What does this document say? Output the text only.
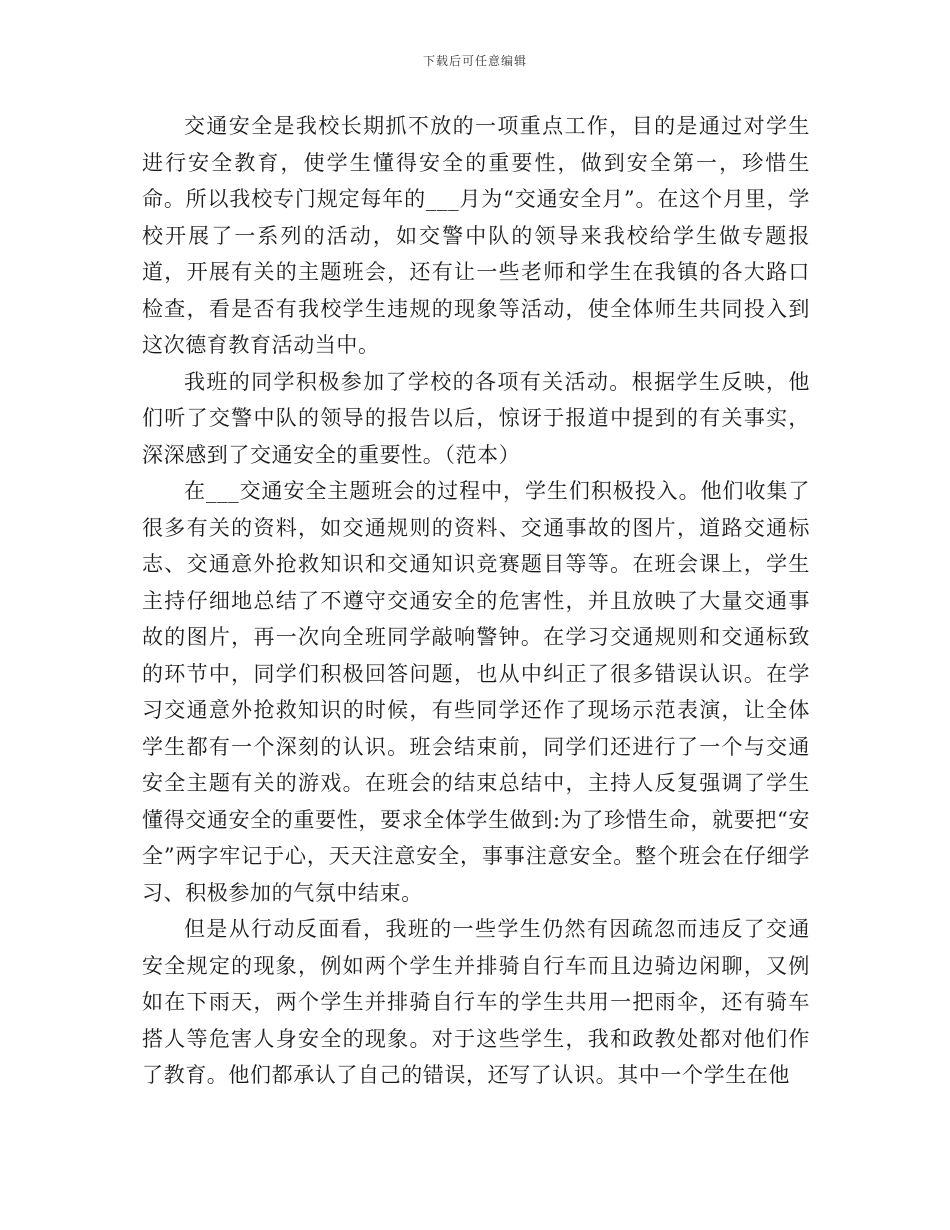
下载后可任意编辑

交通安全是我校长期抓不放的一项重点工作，目的是通过对学生进行安全教育，使学生懂得安全的重要性，做到安全第一，珍惜生命。所以我校专门规定每年的___月为“交通安全月”。在这个月里，学校开展了一系列的活动，如交警中队的领导来我校给学生做专题报道，开展有关的主题班会，还有让一些老师和学生在我镇的各大路口检查，看是否有我校学生违规的现象等活动，使全体师生共同投入到这次德育教育活动当中。

我班的同学积极参加了学校的各项有关活动。根据学生反映，他们听了交警中队的领导的报告以后，惊讶于报道中提到的有关事实，深深感到了交通安全的重要性。（范本）

在___交通安全主题班会的过程中，学生们积极投入。他们收集了很多有关的资料，如交通规则的资料、交通事故的图片，道路交通标志、交通意外抢救知识和交通知识竞赛题目等等。在班会课上，学生主持仔细地总结了不遵守交通安全的危害性，并且放映了大量交通事故的图片，再一次向全班同学敲响警钟。在学习交通规则和交通标致的环节中，同学们积极回答问题，也从中纠正了很多错误认识。在学习交通意外抢救知识的时候，有些同学还作了现场示范表演，让全体学生都有一个深刻的认识。班会结束前，同学们还进行了一个与交通安全主题有关的游戏。在班会的结束总结中，主持人反复强调了学生懂得交通安全的重要性，要求全体学生做到:为了珍惜生命，就要把“安全”两字牢记于心，天天注意安全，事事注意安全。整个班会在仔细学习、积极参加的气氛中结束。

但是从行动反面看，我班的一些学生仍然有因疏忽而违反了交通安全规定的现象，例如两个学生并排骑自行车而且边骑边闲聊，又例如在下雨天，两个学生并排骑自行车的学生共用一把雨伞，还有骑车搭人等危害人身安全的现象。对于这些学生，我和政教处都对他们作了教育。他们都承认了自己的错误，还写了认识。其中一个学生在他
